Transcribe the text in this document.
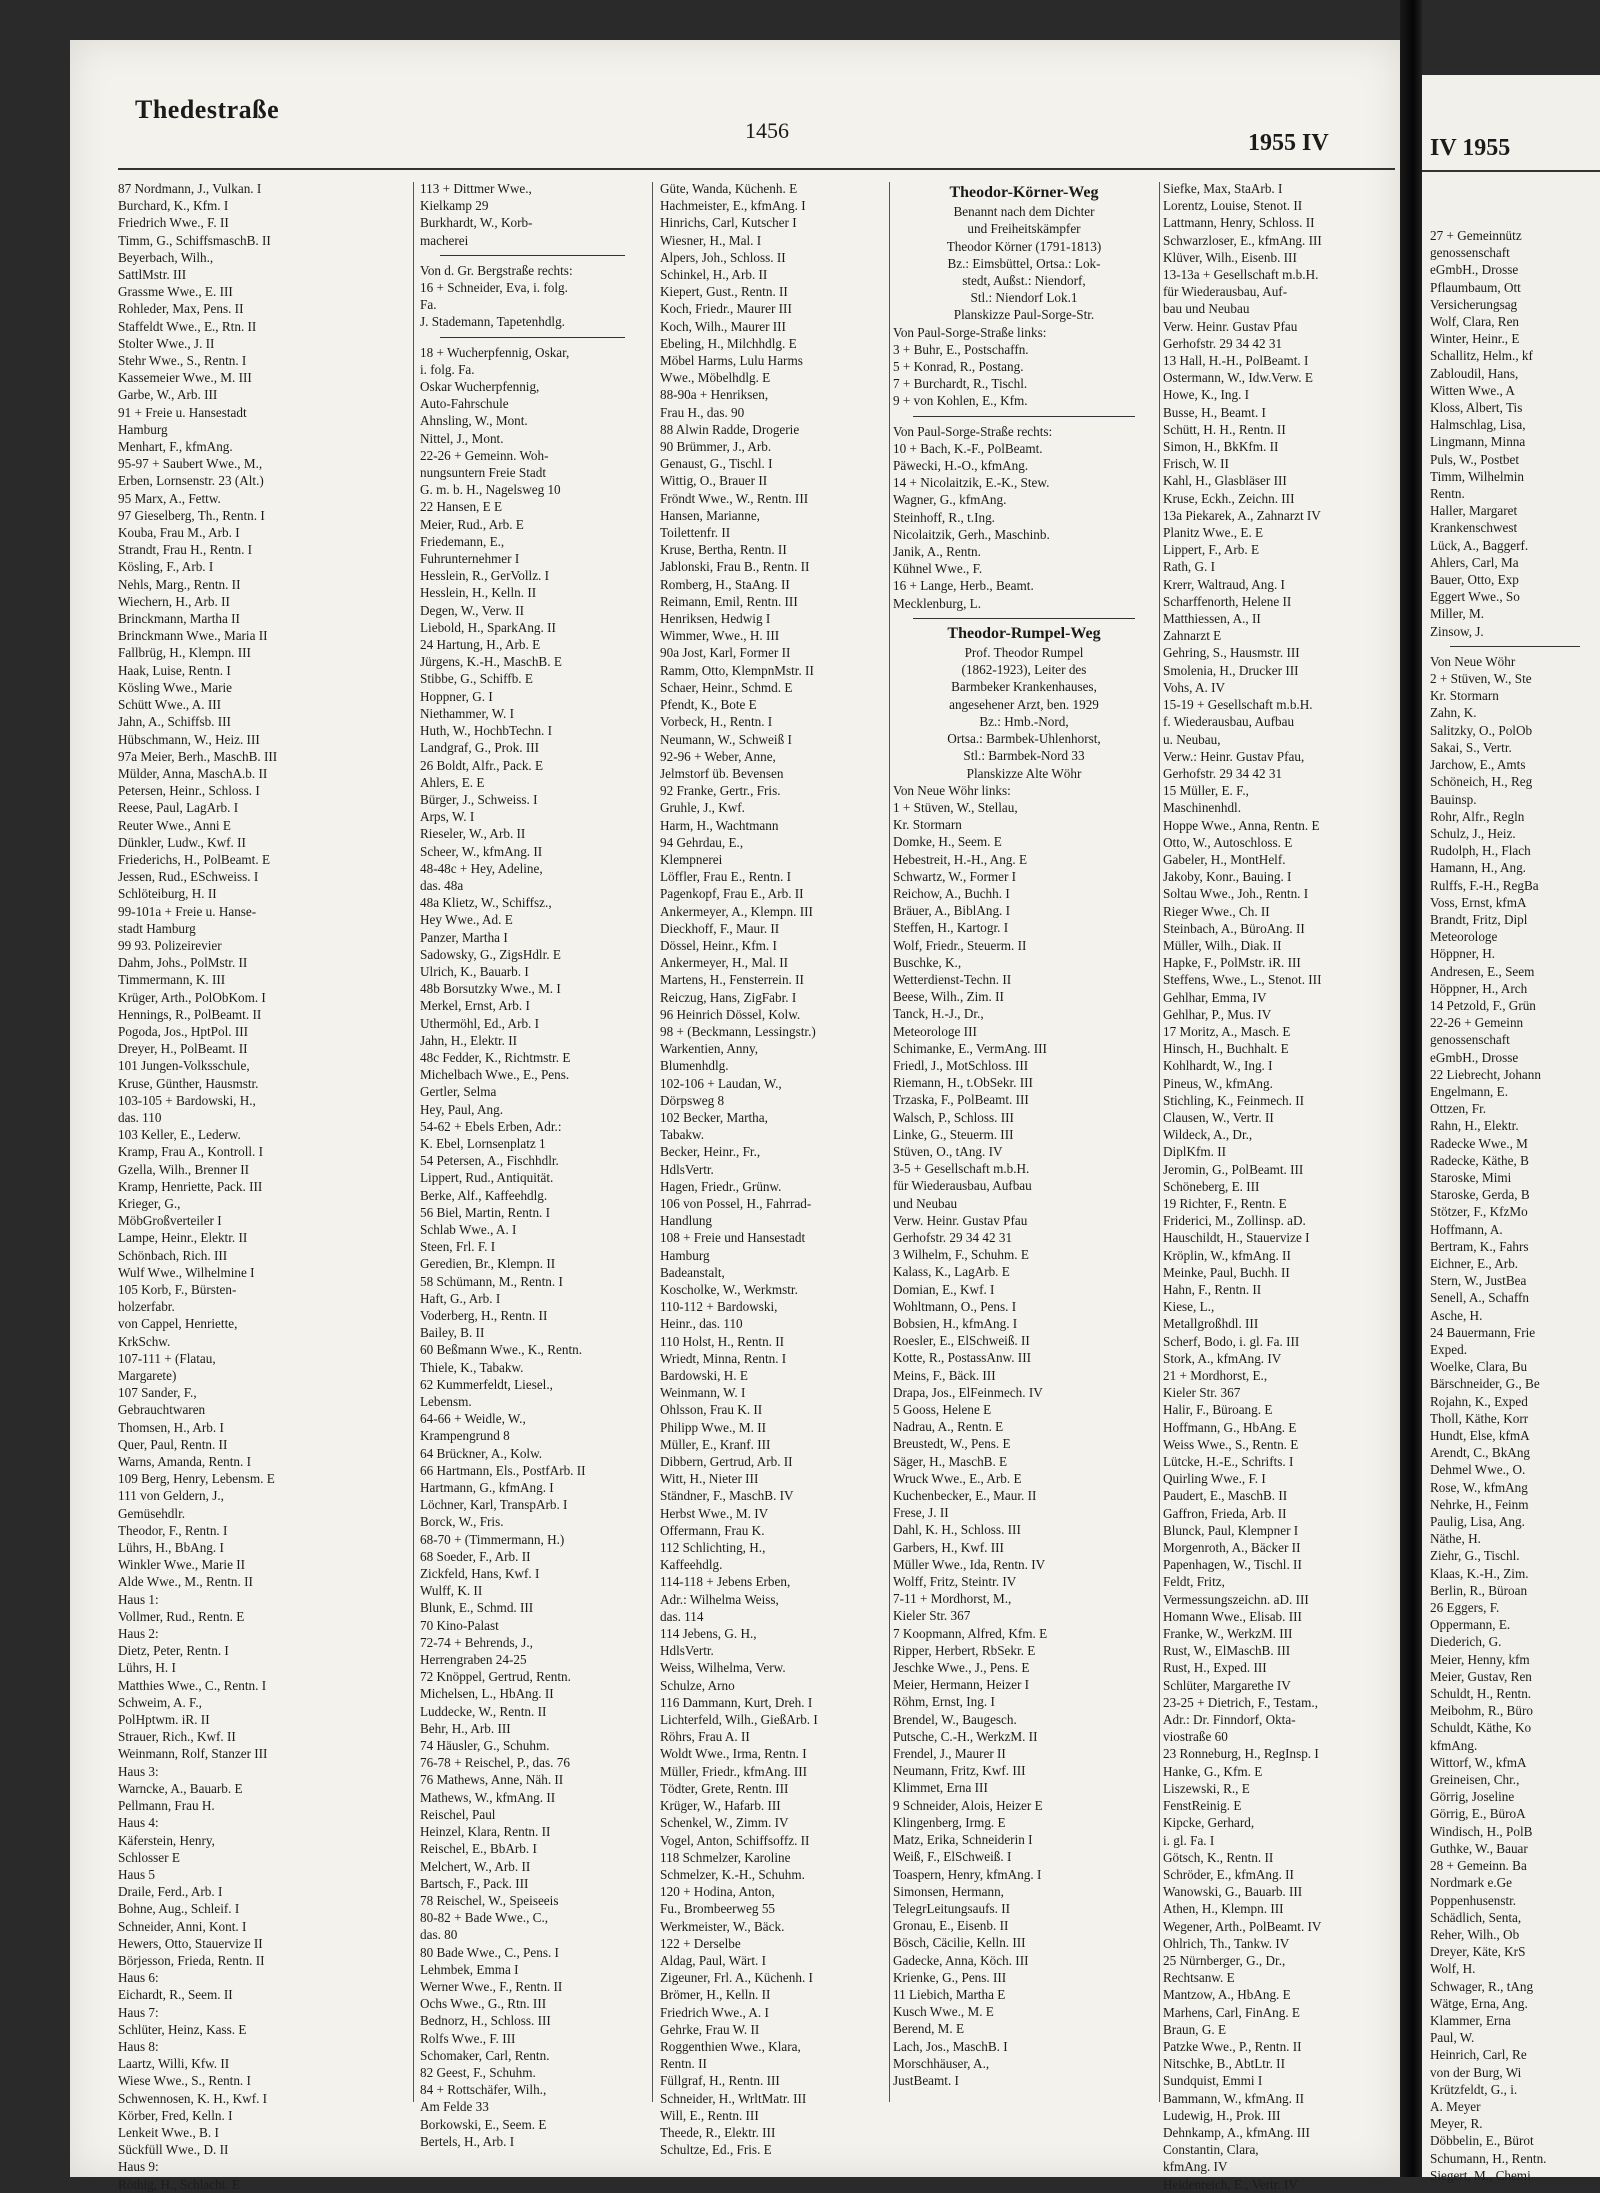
Thedestraße
1456	1955 IV
87 Nordmann, J., Vulkan. I
Burchard, K., Kfm. I
Friedrich Wwe., F. II
Timm, G., SchiffsmaschB. II
Beyerbach, Wilh.,
SattlMstr. III
Grassme Wwe., E. III
Rohleder, Max, Pens. II
Staffeldt Wwe., E., Rtn. II
Stolter Wwe., J. II
Stehr Wwe., S., Rentn. I
Kassemeier Wwe., M. III
Garbe, W., Arb. III
91 + Freie u. Hansestadt
Hamburg
Menhart, F., kfmAng.
95-97 + Saubert Wwe., M.,
Erben, Lornsenstr. 23 (Alt.)
95 Marx, A., Fettw.
97 Gieselberg, Th., Rentn. I
Kouba, Frau M., Arb. I
Strandt, Frau H., Rentn. I
Kösling, F., Arb. I
Nehls, Marg., Rentn. II
Wiechern, H., Arb. II
Brinckmann, Martha II
Brinckmann Wwe., Maria II
Fallbrüg, H., Klempn. III
Haak, Luise, Rentn. I
Kösling Wwe., Marie
Schütt Wwe., A. III
Jahn, A., Schiffsb. III
Hübschmann, W., Heiz. III
97a Meier, Berh., MaschB. III
Mülder, Anna, MaschA.b. II
Petersen, Heinr., Schloss. I
Reese, Paul, LagArb. I
Reuter Wwe., Anni E
Dünkler, Ludw., Kwf. II
Friederichs, H., PolBeamt. E
Jessen, Rud., ESchweiss. I
Schlöteiburg, H. II
99-101a + Freie u. Hanse-
stadt Hamburg
99 93. Polizeirevier
Dahm, Johs., PolMstr. II
Timmermann, K. III
Krüger, Arth., PolObKom. I
Hennings, R., PolBeamt. II
Pogoda, Jos., HptPol. III
Dreyer, H., PolBeamt. II
101 Jungen-Volksschule,
Kruse, Günther, Hausmstr.
103-105 + Bardowski, H.,
das. 110
103 Keller, E., Lederw.
Kramp, Frau A., Kontroll. I
Gzella, Wilh., Brenner II
Kramp, Henriette, Pack. III
Krieger, G.,
MöbGroßverteiler I
Lampe, Heinr., Elektr. II
Schönbach, Rich. III
Wulf Wwe., Wilhelmine I
105 Korb, F., Bürsten-
holzerfabr.
von Cappel, Henriette,
KrkSchw.
107-111 + (Flatau,
Margarete)
107 Sander, F.,
Gebrauchtwaren
Thomsen, H., Arb. I
Quer, Paul, Rentn. II
Warns, Amanda, Rentn. I
109 Berg, Henry, Lebensm. E
111 von Geldern, J.,
Gemüsehdlr.
Theodor, F., Rentn. I
Lührs, H., BbAng. I
Winkler Wwe., Marie II
Alde Wwe., M., Rentn. II
Haus 1:
Vollmer, Rud., Rentn. E
Haus 2:
Dietz, Peter, Rentn. I
Lührs, H. I
Matthies Wwe., C., Rentn. I
Schweim, A. F.,
PolHptwm. iR. II
Strauer, Rich., Kwf. II
Weinmann, Rolf, Stanzer III
Haus 3:
Warncke, A., Bauarb. E
Pellmann, Frau H.
Haus 4:
Käferstein, Henry,
Schlosser E
Haus 5
Draile, Ferd., Arb. I
Bohne, Aug., Schleif. I
Schneider, Anni, Kont. I
Hewers, Otto, Stauervize II
Börjesson, Frieda, Rentn. II
Haus 6:
Eichardt, R., Seem. II
Haus 7:
Schlüter, Heinz, Kass. E
Haus 8:
Laartz, Willi, Kfw. II
Wiese Wwe., S., Rentn. I
Schwennosen, K. H., Kwf. I
Körber, Fred, Kelln. I
Lenkeit Wwe., B. I
Sückfüll Wwe., D. II
Haus 9:
Röthig, H., Schlacht. E
113 + Dittmer Wwe.,
Kielkamp 29
Burkhardt, W., Korb-
macherei
Von d. Gr. Bergstraße rechts:
16 + Schneider, Eva, i. folg.
Fa.
J. Stademann, Tapetenhdlg.
18 + Wucherpfennig, Oskar,
i. folg. Fa.
Oskar Wucherpfennig,
Auto-Fahrschule
Ahnsling, W., Mont.
Nittel, J., Mont.
22-26 + Gemeinn. Woh-
nungsuntern Freie Stadt
G. m. b. H., Nagelsweg 10
22 Hansen, E E
Meier, Rud., Arb. E
Friedemann, E.,
Fuhrunternehmer I
Hesslein, R., GerVollz. I
Hesslein, H., Kelln. II
Degen, W., Verw. II
Liebold, H., SparkAng. II
24 Hartung, H., Arb. E
Jürgens, K.-H., MaschB. E
Stibbe, G., Schiffb. E
Hoppner, G. I
Niethammer, W. I
Huth, W., HochbTechn. I
Landgraf, G., Prok. III
26 Boldt, Alfr., Pack. E
Ahlers, E. E
Bürger, J., Schweiss. I
Arps, W. I
Rieseler, W., Arb. II
Scheer, W., kfmAng. II
48-48c + Hey, Adeline,
das. 48a
48a Klietz, W., Schiffsz.,
Hey Wwe., Ad. E
Panzer, Martha I
Sadowsky, G., ZigsHdlr. E
Ulrich, K., Bauarb. I
48b Borsutzky Wwe., M. I
Merkel, Ernst, Arb. I
Uthermöhl, Ed., Arb. I
Jahn, H., Elektr. II
48c Fedder, K., Richtmstr. E
Michelbach Wwe., E., Pens.
Gertler, Selma
Hey, Paul, Ang.
54-62 + Ebels Erben, Adr.:
K. Ebel, Lornsenplatz 1
54 Petersen, A., Fischhdlr.
Lippert, Rud., Antiquität.
Berke, Alf., Kaffeehdlg.
56 Biel, Martin, Rentn. I
Schlab Wwe., A. I
Steen, Frl. F. I
Geredien, Br., Klempn. II
58 Schümann, M., Rentn. I
Haft, G., Arb. I
Voderberg, H., Rentn. II
Bailey, B. II
60 Beßmann Wwe., K., Rentn.
Thiele, K., Tabakw.
62 Kummerfeldt, Liesel.,
Lebensm.
64-66 + Weidle, W.,
Krampengrund 8
64 Brückner, A., Kolw.
66 Hartmann, Els., PostfArb. II
Hartmann, G., kfmAng. I
Löchner, Karl, TranspArb. I
Borck, W., Fris.
68-70 + (Timmermann, H.)
68 Soeder, F., Arb. II
Zickfeld, Hans, Kwf. I
Wulff, K. II
Blunk, E., Schmd. III
70 Kino-Palast
72-74 + Behrends, J.,
Herrengraben 24-25
72 Knöppel, Gertrud, Rentn.
Michelsen, L., HbAng. II
Luddecke, W., Rentn. II
Behr, H., Arb. III
74 Häusler, G., Schuhm.
76-78 + Reischel, P., das. 76
76 Mathews, Anne, Näh. II
Mathews, W., kfmAng. II
Reischel, Paul
Heinzel, Klara, Rentn. II
Reischel, E., BbArb. I
Melchert, W., Arb. II
Bartsch, F., Pack. III
78 Reischel, W., Speiseeis
80-82 + Bade Wwe., C.,
das. 80
80 Bade Wwe., C., Pens. I
Lehmbek, Emma I
Werner Wwe., F., Rentn. II
Ochs Wwe., G., Rtn. III
Bednorz, H., Schloss. III
Rolfs Wwe., F. III
Schomaker, Carl, Rentn.
82 Geest, F., Schuhm.
84 + Rottschäfer, Wilh.,
Am Felde 33
Borkowski, E., Seem. E
Bertels, H., Arb. I
Güte, Wanda, Küchenh. E
Hachmeister, E., kfmAng. I
Hinrichs, Carl, Kutscher I
Wiesner, H., Mal. I
Alpers, Joh., Schloss. II
Schinkel, H., Arb. II
Kiepert, Gust., Rentn. II
Koch, Friedr., Maurer III
Koch, Wilh., Maurer III
Ebeling, H., Milchhdlg. E
Möbel Harms, Lulu Harms
Wwe., Möbelhdlg. E
88-90a + Henriksen,
Frau H., das. 90
88 Alwin Radde, Drogerie
90 Brümmer, J., Arb.
Genaust, G., Tischl. I
Wittig, O., Brauer II
Fröndt Wwe., W., Rentn. III
Hansen, Marianne,
Toilettenfr. II
Kruse, Bertha, Rentn. II
Jablonski, Frau B., Rentn. II
Romberg, H., StaAng. II
Reimann, Emil, Rentn. III
Henriksen, Hedwig I
Wimmer, Wwe., H. III
90a Jost, Karl, Former II
Ramm, Otto, KlempnMstr. II
Schaer, Heinr., Schmd. E
Pfendt, K., Bote E
Vorbeck, H., Rentn. I
Neumann, W., Schweiß I
92-96 + Weber, Anne,
Jelmstorf üb. Bevensen
92 Franke, Gertr., Fris.
Gruhle, J., Kwf.
Harm, H., Wachtmann
94 Gehrdau, E.,
Klempnerei
Löffler, Frau E., Rentn. I
Pagenkopf, Frau E., Arb. II
Ankermeyer, A., Klempn. III
Dieckhoff, F., Maur. II
Dössel, Heinr., Kfm. I
Ankermeyer, H., Mal. II
Martens, H., Fensterrein. II
Reiczug, Hans, ZigFabr. I
96 Heinrich Dössel, Kolw.
98 + (Beckmann, Lessingstr.)
Warkentien, Anny,
Blumenhdlg.
102-106 + Laudan, W.,
Dörpsweg 8
102 Becker, Martha,
Tabakw.
Becker, Heinr., Fr.,
HdlsVertr.
Hagen, Friedr., Grünw.
106 von Possel, H., Fahrrad-
Handlung
108 + Freie und Hansestadt
Hamburg
Badeanstalt,
Koscholke, W., Werkmstr.
110-112 + Bardowski,
Heinr., das. 110
110 Holst, H., Rentn. II
Wriedt, Minna, Rentn. I
Bardowski, H. E
Weinmann, W. I
Ohlsson, Frau K. II
Philipp Wwe., M. II
Müller, E., Kranf. III
Dibbern, Gertrud, Arb. II
Witt, H., Nieter III
Ständner, F., MaschB. IV
Herbst Wwe., M. IV
Offermann, Frau K.
112 Schlichting, H.,
Kaffeehdlg.
114-118 + Jebens Erben,
Adr.: Wilhelma Weiss,
das. 114
114 Jebens, G. H.,
HdlsVertr.
Weiss, Wilhelma, Verw.
Schulze, Arno
116 Dammann, Kurt, Dreh. I
Lichterfeld, Wilh., GießArb. I
Röhrs, Frau A. II
Woldt Wwe., Irma, Rentn. I
Müller, Friedr., kfmAng. III
Tödter, Grete, Rentn. III
Krüger, W., Hafarb. III
Schenkel, W., Zimm. IV
Vogel, Anton, Schiffsoffz. II
118 Schmelzer, Karoline
Schmelzer, K.-H., Schuhm.
120 + Hodina, Anton,
Fu., Brombeerweg 55
Werkmeister, W., Bäck.
122 + Derselbe
Aldag, Paul, Wärt. I
Zigeuner, Frl. A., Küchenh. I
Brömer, H., Kelln. II
Friedrich Wwe., A. I
Gehrke, Frau W. II
Roggenthien Wwe., Klara,
Rentn. II
Füllgraf, H., Rentn. III
Schneider, H., WrltMatr. III
Will, E., Rentn. III
Theede, R., Elektr. III
Schultze, Ed., Fris. E
Theodor-Körner-Weg
Benannt nach dem Dichter
und Freiheitskämpfer
Theodor Körner (1791-1813)
Bz.: Eimsbüttel, Ortsa.: Lok-
stedt, Außst.: Niendorf,
Stl.: Niendorf Lok.1
Planskizze Paul-Sorge-Str.
Von Paul-Sorge-Straße links:
3 + Buhr, E., Postschaffn.
5 + Konrad, R., Postang.
7 + Burchardt, R., Tischl.
9 + von Kohlen, E., Kfm.
Von Paul-Sorge-Straße rechts:
10 + Bach, K.-F., PolBeamt.
Päwecki, H.-O., kfmAng.
14 + Nicolaitzik, E.-K., Stew.
Wagner, G., kfmAng.
Steinhoff, R., t.Ing.
Nicolaitzik, Gerh., Maschinb.
Janik, A., Rentn.
Kühnel Wwe., F.
16 + Lange, Herb., Beamt.
Mecklenburg, L.
Theodor-Rumpel-Weg
Prof. Theodor Rumpel
(1862-1923), Leiter des
Barmbeker Krankenhauses,
angesehener Arzt, ben. 1929
Bz.: Hmb.-Nord,
Ortsa.: Barmbek-Uhlenhorst,
Stl.: Barmbek-Nord 33
Planskizze Alte Wöhr
Von Neue Wöhr links:
1 + Stüven, W., Stellau,
Kr. Stormarn
Domke, H., Seem. E
Hebestreit, H.-H., Ang. E
Schwartz, W., Former I
Reichow, A., Buchh. I
Bräuer, A., BiblAng. I
Steffen, H., Kartogr. I
Wolf, Friedr., Steuerm. II
Buschke, K.,
Wetterdienst-Techn. II
Beese, Wilh., Zim. II
Tanck, H.-J., Dr.,
Meteorologe III
Schimanke, E., VermAng. III
Friedl, J., MotSchloss. III
Riemann, H., t.ObSekr. III
Trzaska, F., PolBeamt. III
Walsch, P., Schloss. III
Linke, G., Steuerm. III
Stüven, O., tAng. IV
3-5 + Gesellschaft m.b.H.
für Wiederausbau, Aufbau
und Neubau
Verw. Heinr. Gustav Pfau
Gerhofstr. 29 34 42 31
3 Wilhelm, F., Schuhm. E
Kalass, K., LagArb. E
Domian, E., Kwf. I
Wohltmann, O., Pens. I
Bobsien, H., kfmAng. I
Roesler, E., ElSchweiß. II
Kotte, R., PostassAnw. III
Meins, F., Bäck. III
Drapa, Jos., ElFeinmech. IV
5 Gooss, Helene E
Nadrau, A., Rentn. E
Breustedt, W., Pens. E
Säger, H., MaschB. E
Wruck Wwe., E., Arb. E
Kuchenbecker, E., Maur. II
Frese, J. II
Dahl, K. H., Schloss. III
Garbers, H., Kwf. III
Müller Wwe., Ida, Rentn. IV
Wolff, Fritz, Steintr. IV
7-11 + Mordhorst, M.,
Kieler Str. 367
7 Koopmann, Alfred, Kfm. E
Ripper, Herbert, RbSekr. E
Jeschke Wwe., J., Pens. E
Meier, Hermann, Heizer I
Röhm, Ernst, Ing. I
Brendel, W., Baugesch.
Putsche, C.-H., WerkzM. II
Frendel, J., Maurer II
Neumann, Fritz, Kwf. III
Klimmet, Erna III
9 Schneider, Alois, Heizer E
Klingenberg, Irmg. E
Matz, Erika, Schneiderin I
Weiß, F., ElSchweiß. I
Toaspern, Henry, kfmAng. I
Simonsen, Hermann,
TelegrLeitungsaufs. II
Gronau, E., Eisenb. II
Bösch, Cäcilie, Kelln. III
Gadecke, Anna, Köch. III
Krienke, G., Pens. III
11 Liebich, Martha E
Kusch Wwe., M. E
Berend, M. E
Lach, Jos., MaschB. I
Morschhäuser, A.,
JustBeamt. I
Siefke, Max, StaArb. I
Lorentz, Louise, Stenot. II
Lattmann, Henry, Schloss. II
Schwarzloser, E., kfmAng. III
Klüver, Wilh., Eisenb. III
13-13a + Gesellschaft m.b.H.
für Wiederausbau, Auf-
bau und Neubau
Verw. Heinr. Gustav Pfau
Gerhofstr. 29 34 42 31
13 Hall, H.-H., PolBeamt. I
Ostermann, W., Idw.Verw. E
Howe, K., Ing. I
Busse, H., Beamt. I
Schütt, H. H., Rentn. II
Simon, H., BkKfm. II
Frisch, W. II
Kahl, H., Glasbläser III
Kruse, Eckh., Zeichn. III
13a Piekarek, A., Zahnarzt IV
Planitz Wwe., E. E
Lippert, F., Arb. E
Rath, G. I
Krerr, Waltraud, Ang. I
Scharffenorth, Helene II
Matthiessen, A., II
Zahnarzt E
Gehring, S., Hausmstr. III
Smolenia, H., Drucker III
Vohs, A. IV
15-19 + Gesellschaft m.b.H.
f. Wiederausbau, Aufbau
u. Neubau,
Verw.: Heinr. Gustav Pfau,
Gerhofstr. 29 34 42 31
15 Müller, E. F.,
Maschinenhdl.
Hoppe Wwe., Anna, Rentn. E
Otto, W., Autoschloss. E
Gabeler, H., MontHelf.
Jakoby, Konr., Bauing. I
Soltau Wwe., Joh., Rentn. I
Rieger Wwe., Ch. II
Steinbach, A., BüroAng. II
Müller, Wilh., Diak. II
Hapke, F., PolMstr. iR. III
Steffens, Wwe., L., Stenot. III
Gehlhar, Emma, IV
Gehlhar, P., Mus. IV
17 Moritz, A., Masch. E
Hinsch, H., Buchhalt. E
Kohlhardt, W., Ing. I
Pineus, W., kfmAng.
Stichling, K., Feinmech. II
Clausen, W., Vertr. II
Wildeck, A., Dr.,
DiplKfm. II
Jeromin, G., PolBeamt. III
Schöneberg, E. III
19 Richter, F., Rentn. E
Friderici, M., Zollinsp. aD.
Hauschildt, H., Stauervize I
Kröplin, W., kfmAng. II
Meinke, Paul, Buchh. II
Hahn, F., Rentn. II
Kiese, L.,
Metallgroßhdl. III
Scherf, Bodo, i. gl. Fa. III
Stork, A., kfmAng. IV
21 + Mordhorst, E.,
Kieler Str. 367
Halir, F., Büroang. E
Hoffmann, G., HbAng. E
Weiss Wwe., S., Rentn. E
Lütcke, H.-E., Schrifts. I
Quirling Wwe., F. I
Paudert, E., MaschB. II
Gaffron, Frieda, Arb. II
Blunck, Paul, Klempner I
Morgenroth, A., Bäcker II
Papenhagen, W., Tischl. II
Feldt, Fritz,
Vermessungszeichn. aD. III
Homann Wwe., Elisab. III
Franke, W., WerkzM. III
Rust, W., ElMaschB. III
Rust, H., Exped. III
Schlüter, Margarethe IV
23-25 + Dietrich, F., Testam.,
Adr.: Dr. Finndorf, Okta-
viostraße 60
23 Ronneburg, H., RegInsp. I
Hanke, G., Kfm. E
Liszewski, R., E
FenstReinig. E
Kipcke, Gerhard,
i. gl. Fa. I
Götsch, K., Rentn. II
Schröder, E., kfmAng. II
Wanowski, G., Bauarb. III
Athen, H., Klempn. III
Wegener, Arth., PolBeamt. IV
Ohlrich, Th., Tankw. IV
25 Nürnberger, G., Dr.,
Rechtsanw. E
Mantzow, A., HbAng. E
Marhens, Carl, FinAng. E
Braun, G. E
Patzke Wwe., P., Rentn. II
Nitschke, B., AbtLtr. II
Sundquist, Emmi I
Bammann, W., kfmAng. II
Ludewig, H., Prok. III
Dehnkamp, A., kfmAng. III
Constantin, Clara,
kfmAng. IV
Heidenreich, E., Vertr. IV
IV 1955
27 + Gemeinnütz
genossenschaft
eGmbH., Drosse
Pflaumbaum, Ott
Versicherungsag
Wolf, Clara, Ren
Winter, Heinr., E
Schallitz, Helm., kf
Zabloudil, Hans,
Witten Wwe., A
Kloss, Albert, Tis
Halmschlag, Lisa,
Lingmann, Minna
Puls, W., Postbet
Timm, Wilhelmin
Rentn.
Haller, Margaret
Krankenschwest
Lück, A., Baggerf.
Ahlers, Carl, Ma
Bauer, Otto, Exp
Eggert Wwe., So
Miller, M.
Zinsow, J.
Von Neue Wöhr
2 + Stüven, W., Ste
Kr. Stormarn
Zahn, K.
Salitzky, O., PolOb
Sakai, S., Vertr.
Jarchow, E., Amts
Schöneich, H., Reg
Bauinsp.
Rohr, Alfr., Regln
Schulz, J., Heiz.
Rudolph, H., Flach
Hamann, H., Ang.
Rulffs, F.-H., RegBa
Voss, Ernst, kfmA
Brandt, Fritz, Dipl
Meteorologe
Höppner, H.
Andresen, E., Seem
Höppner, H., Arch
14 Petzold, F., Grün
22-26 + Gemeinn
genossenschaft
eGmbH., Drosse
22 Liebrecht, Johann
Engelmann, E.
Ottzen, Fr.
Rahn, H., Elektr.
Radecke Wwe., M
Radecke, Käthe, B
Staroske, Mimi
Staroske, Gerda, B
Stötzer, F., KfzMo
Hoffmann, A.
Bertram, K., Fahrs
Eichner, E., Arb.
Stern, W., JustBea
Senell, A., Schaffn
Asche, H.
24 Bauermann, Frie
Exped.
Woelke, Clara, Bu
Bärschneider, G., Be
Rojahn, K., Exped
Tholl, Käthe, Korr
Hundt, Else, kfmA
Arendt, C., BkAng
Dehmel Wwe., O.
Rose, W., kfmAng
Nehrke, H., Feinm
Paulig, Lisa, Ang.
Näthe, H.
Ziehr, G., Tischl.
Klaas, K.-H., Zim.
Berlin, R., Büroan
26 Eggers, F.
Oppermann, E.
Diederich, G.
Meier, Henny, kfm
Meier, Gustav, Ren
Schuldt, H., Rentn.
Meibohm, R., Büro
Schuldt, Käthe, Ko
kfmAng.
Wittorf, W., kfmA
Greineisen, Chr.,
Görrig, Joseline
Görrig, E., BüroA
Windisch, H., PolB
Guthke, W., Bauar
28 + Gemeinn. Ba
Nordmark e.Ge
Poppenhusenstr.
Schädlich, Senta,
Reher, Wilh., Ob
Dreyer, Käte, KrS
Wolf, H.
Schwager, R., tAng
Wätge, Erna, Ang.
Klammer, Erna
Paul, W.
Heinrich, Carl, Re
von der Burg, Wi
Krützfeldt, G., i.
A. Meyer
Meyer, R.
Döbbelin, E., Bürot
Schumann, H., Rentn.
Siegert, M., Chemi
